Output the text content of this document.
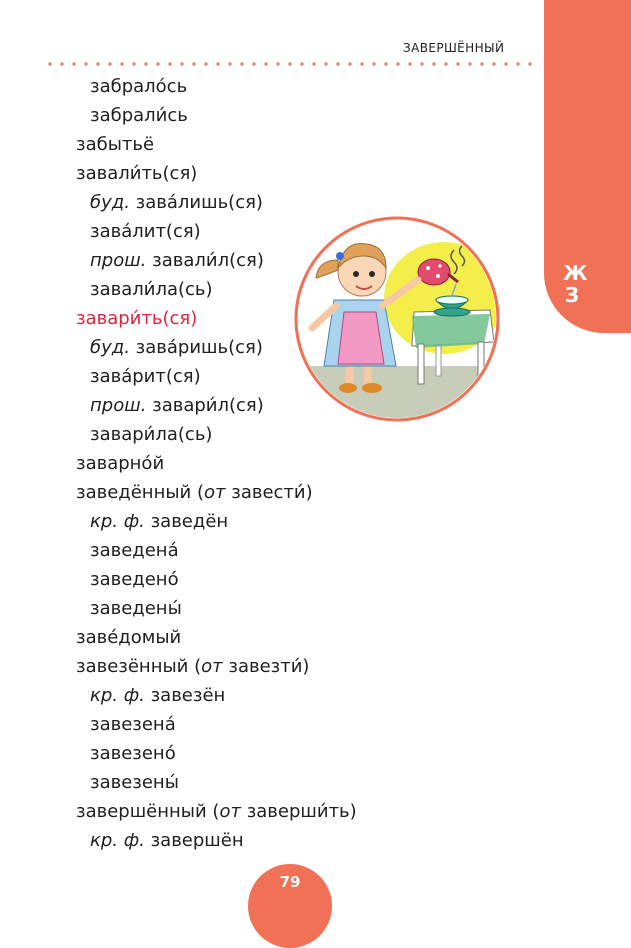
Ж
З
ЗАВЕРШЁННЫЙ
забрало́сь
забрали́сь
забытьё
завали́ть(ся)
буд. зава́лишь(ся)
зава́лит(ся)
прош. завали́л(ся)
завали́ла(сь)
завари́ть(ся)
буд. зава́ришь(ся)
зава́рит(ся)
прош. завари́л(ся)
завари́ла(сь)
заварно́й
заведённый (от завести́)
кр. ф. заведён
заведена́
заведено́
заведены́
заве́домый
завезённый (от завезти́)
кр. ф. завезён
завезена́
завезено́
завезены́
завершённый (от заверши́ть)
кр. ф. завершён
79
